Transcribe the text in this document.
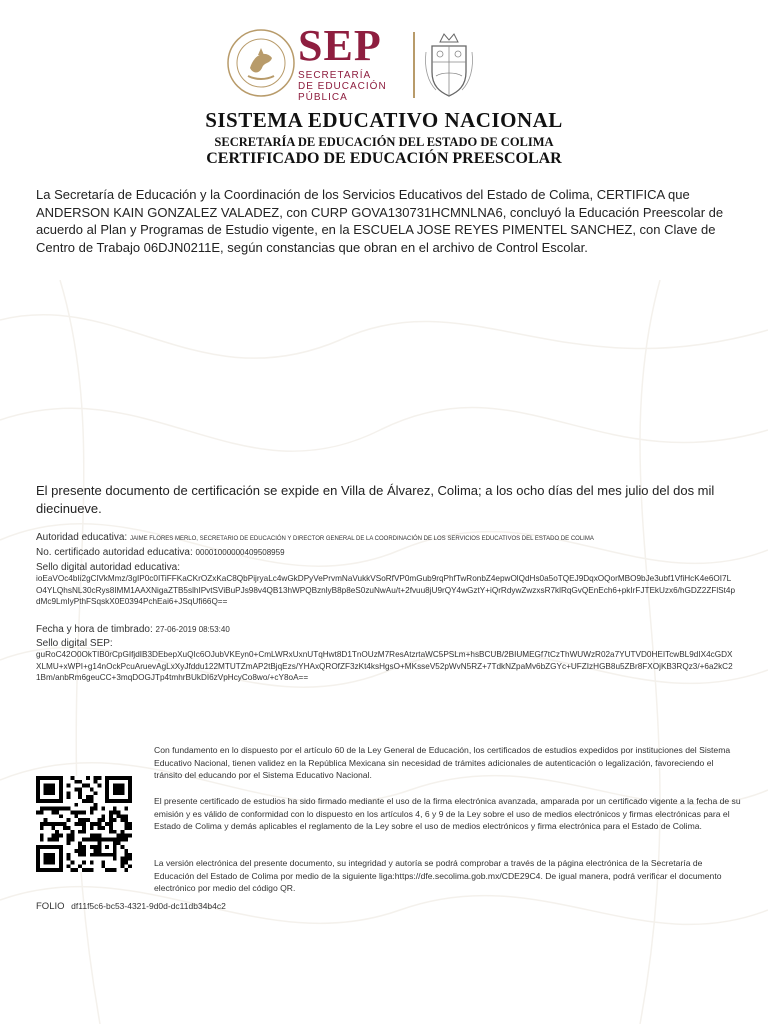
SEP
SECRETARÍA
DE EDUCACIÓN
PÚBLICA
SISTEMA EDUCATIVO NACIONAL
SECRETARÍA DE EDUCACIÓN DEL ESTADO DE COLIMA
CERTIFICADO DE EDUCACIÓN PREESCOLAR
La Secretaría de Educación y la Coordinación de los Servicios Educativos del Estado de Colima, CERTIFICA que ANDERSON KAIN GONZALEZ VALADEZ, con CURP GOVA130731HCMNLNA6, concluyó la Educación Preescolar de acuerdo al Plan y Programas de Estudio vigente, en la ESCUELA JOSE REYES PIMENTEL SANCHEZ, con Clave de Centro de Trabajo 06DJN0211E, según constancias que obran en el archivo de Control Escolar.
El presente documento de certificación se expide en Villa de Álvarez, Colima; a los ocho días del mes julio del dos mil diecinueve.
Autoridad educativa: JAIME FLORES MERLO, SECRETARIO DE EDUCACIÓN Y DIRECTOR GENERAL DE LA COORDINACIÓN DE LOS SERVICIOS EDUCATIVOS DEL ESTADO DE COLIMA
No. certificado autoridad educativa: 00001000000409508959
Sello digital autoridad educativa:
ioEaVOc4bIi2gClVkMmz/3gIP0c0ITiFFKaCKrOZxKaC8QbPijryaLc4wGkDPyVePrvmNaVukkVSoRfVP0mGub9rqPhfTwRonbZ4epwOlQdHs0a5oTQEJ9DqxOQorMBO9bJe3ubf1VfiHcK4e6OI7LO4YLQhsNL30cRys8IMM1AAXNigaZTB5slhIPvtSViBuPJs98v4QB13hWPQBznlyB8p8eS0zuNwAu/t+2fvuu8jU9rQY4wGztY+iQrRdywZwzxsR7klRqGvQEnEch6+pkIrFJTEkUzx6/hGDZ2ZFlSt4pdMc9LmIyPthFSqskX0E0394PchEai6+JSqUfi66Q==
Fecha y hora de timbrado: 27-06-2019 08:53:40
Sello digital SEP:
guRoC42O0OkTIB0rCpGIfjdIB3DEbepXuQIc6OJubVKEyn0+CmLWRxUxnUTqHwt8D1TnOUzM7ResAtzrtaWC5PSLm+hsBCUB/2BIUMEGf7tCzThWUWzR02a7YUTVD0HEITcwBL9dIX4cGDXXLMU+xWPI+g14nOckPcuAruevAgLxXyJfddu122MTUTZmAP2tBjqEzs/YHAxQROfZF3zKt4ksHgsO+MKsseV52pWvN5RZ+7TdkNZpaMv6bZGYc+UFZIzHGB8u5ZBr8FXOjKB3RQz3/+6a2kC21Bm/anbRm6geuCC+3mqDOGJTp4tmhrBUkDI6zVpHcyCo8wo/+cY8oA==
Con fundamento en lo dispuesto por el artículo 60 de la Ley General de Educación, los certificados de estudios expedidos por instituciones del Sistema Educativo Nacional, tienen validez en la República Mexicana sin necesidad de trámites adicionales de autenticación o legalización, favoreciendo el tránsito del educando por el Sistema Educativo Nacional.
El presente certificado de estudios ha sido firmado mediante el uso de la firma electrónica avanzada, amparada por un certificado vigente a la fecha de su emisión y es válido de conformidad con lo dispuesto en los artículos 4, 6 y 9 de la Ley sobre el uso de medios electrónicos y firmas electrónicas para el Estado de Colima y demás aplicables el reglamento de la Ley sobre el uso de medios electrónicos y firma electrónica para el Estado de Colima.
La versión electrónica del presente documento, su integridad y autoría se podrá comprobar a través de la página electrónica de la Secretaría de Educación del Estado de Colima por medio de la siguiente liga:https://dfe.secolima.gob.mx/CDE29C4. De igual manera, podrá verificar el documento electrónico por medio del código QR.
FOLIO df11f5c6-bc53-4321-9d0d-dc11db34b4c2
